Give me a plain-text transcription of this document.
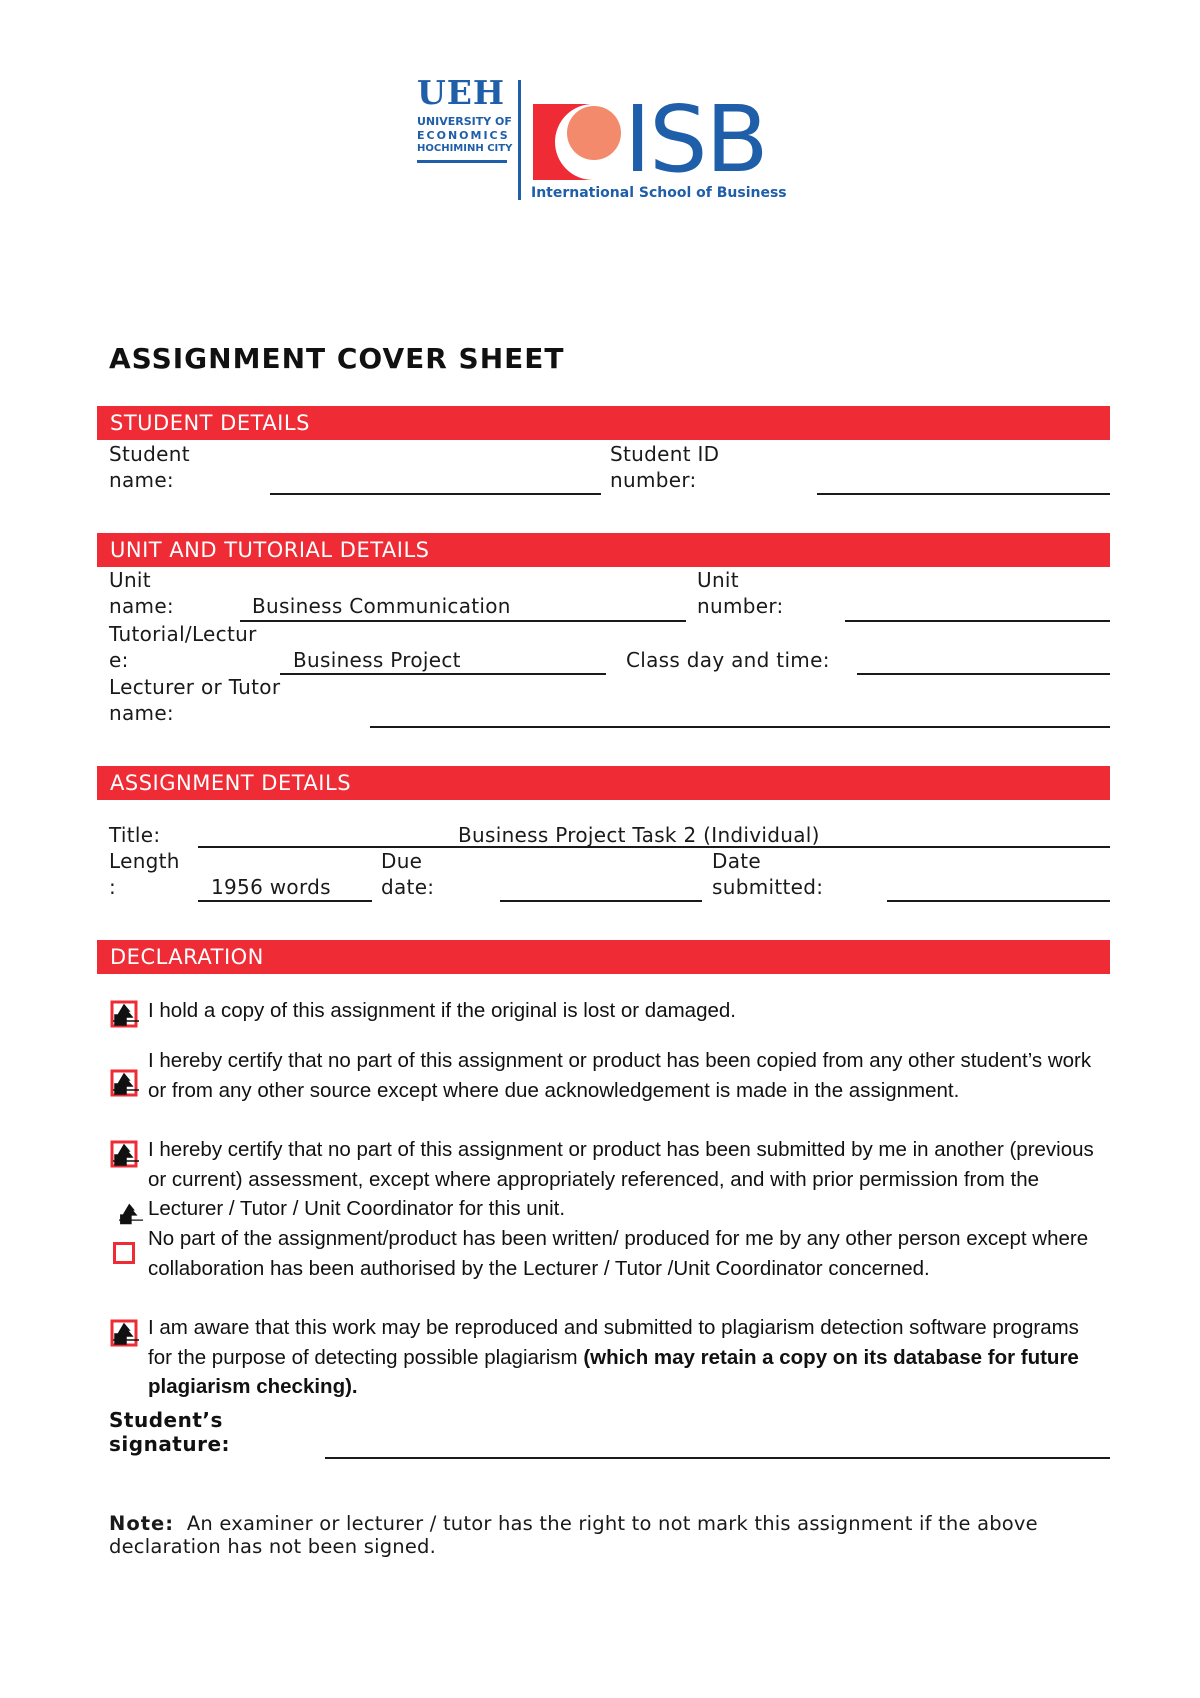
UEH
UNIVERSITY OF
ECONOMICS
HOCHIMINH CITY ISB
International School of Business
ASSIGNMENT COVER SHEET
STUDENT DETAILS
Student
name:
Student ID
number:
UNIT AND TUTORIAL DETAILS
Unit
name:	Business Communication
Unit
number:
Tutorial/Lectur
e:	Business Project	Class day and time:
Lecturer or Tutor
name:
ASSIGNMENT DETAILS
Title:	Business Project Task 2 (Individual)
Length
:	1956 words
Due
date:
Date
submitted:
DECLARATION
I hold a copy of this assignment if the original is lost or damaged.
I hereby certify that no part of this assignment or product has been copied from any other student’s work or from any other source except where due acknowledgement is made in the assignment.
I hereby certify that no part of this assignment or product has been submitted by me in another (previous or current) assessment, except where appropriately referenced, and with prior permission from the Lecturer / Tutor / Unit Coordinator for this unit.
No part of the assignment/product has been written/ produced for me by any other person except where collaboration has been authorised by the Lecturer / Tutor /Unit Coordinator concerned.
I am aware that this work may be reproduced and submitted to plagiarism detection software programs for the purpose of detecting possible plagiarism (which may retain a copy on its database for future plagiarism checking).
Student’s
signature:
Note: An examiner or lecturer / tutor has the right to not mark this assignment if the above declaration has not been signed.
